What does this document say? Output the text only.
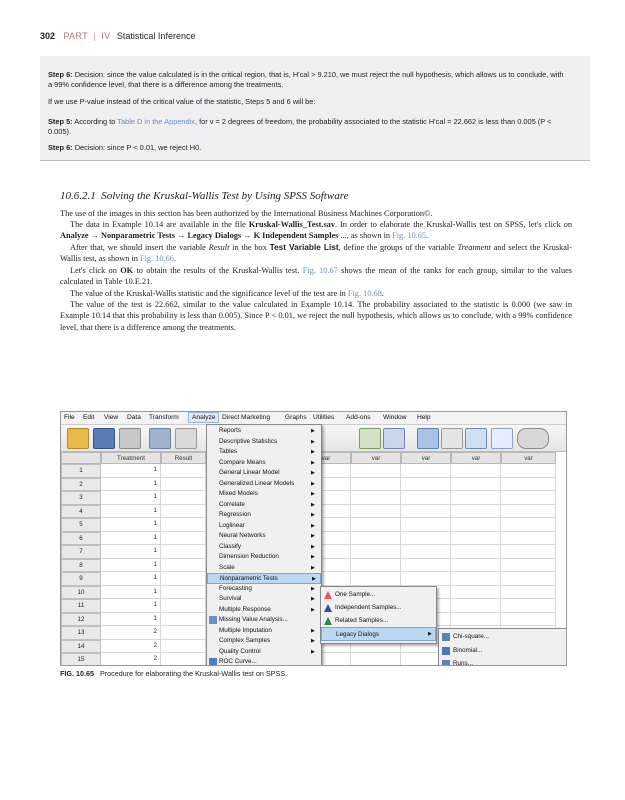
302 PART | IV Statistical Inference
Step 6: Decision: since the value calculated is in the critical region, that is, H'cal > 9.210, we must reject the null hypothesis, which allows us to conclude, with a 99% confidence level, that there is a difference among the treatments.
If we use P-value instead of the critical value of the statistic, Steps 5 and 6 will be:
Step 5: According to Table D in the Appendix, for ν = 2 degrees of freedom, the probability associated to the statistic H'cal = 22.662 is less than 0.005 (P < 0.005).
Step 6: Decision: since P < 0.01, we reject H0.
10.6.2.1 Solving the Kruskal-Wallis Test by Using SPSS Software
The use of the images in this section has been authorized by the International Business Machines Corporation©.
The data in Example 10.14 are available in the file Kruskal-Wallis_Test.sav. In order to elaborate the Kruskal-Wallis test on SPSS, let's click on Analyze → Nonparametric Tests → Legacy Dialogs → K Independent Samples ..., as shown in Fig. 10.65.
After that, we should insert the variable Result in the box Test Variable List, define the groups of the variable Treatment and select the Kruskal-Wallis test, as shown in Fig. 10.66.
Let's click on OK to obtain the results of the Kruskal-Wallis test. Fig. 10.67 shows the mean of the ranks for each group, similar to the values calculated in Table 10.E.21.
The value of the Kruskal-Wallis statistic and the significance level of the test are in Fig. 10.68.
The value of the test is 22.662, similar to the value calculated in Example 10.14. The probability associated to the statistic is 0.000 (we saw in Example 10.14 that this probability is less than 0.005). Since P < 0.01, we reject the null hypothesis, which allows us to conclude, with a 99% confidence level, that there is a difference among the treatments.
File Edit View Data Transform	Analyze Direct Marketing Graphs Utilities Add-ons Window Help
Treatment	Result	var	var	var	var	var
1	1
2	1
3	1
4	1
5	1
6	1
7	1
8	1
9	1
10	1
11	1
12	1
13	2
14	2
15	2
Reports	▶
Descriptive Statistics	▶
Tables	▶
Compare Means	▶
General Linear Model	▶
Generalized Linear Models	▶
Mixed Models	▶
Correlate	▶
Regression	▶
Loglinear	▶
Neural Networks	▶
Classify	▶
Dimension Reduction	▶
Scale	▶
Nonparametric Tests	▶
Forecasting	▶
Survival	▶
Multiple Response	▶
Missing Value Analysis...
Multiple Imputation	▶
Complex Samples	▶
Quality Control	▶
ROC Curve...
One Sample...
Independent Samples...
Related Samples...
Legacy Dialogs	▶	Chi-square...
Binomial...
Runs...
FIG. 10.65 Procedure for elaborating the Kruskal-Wallis test on SPSS.
